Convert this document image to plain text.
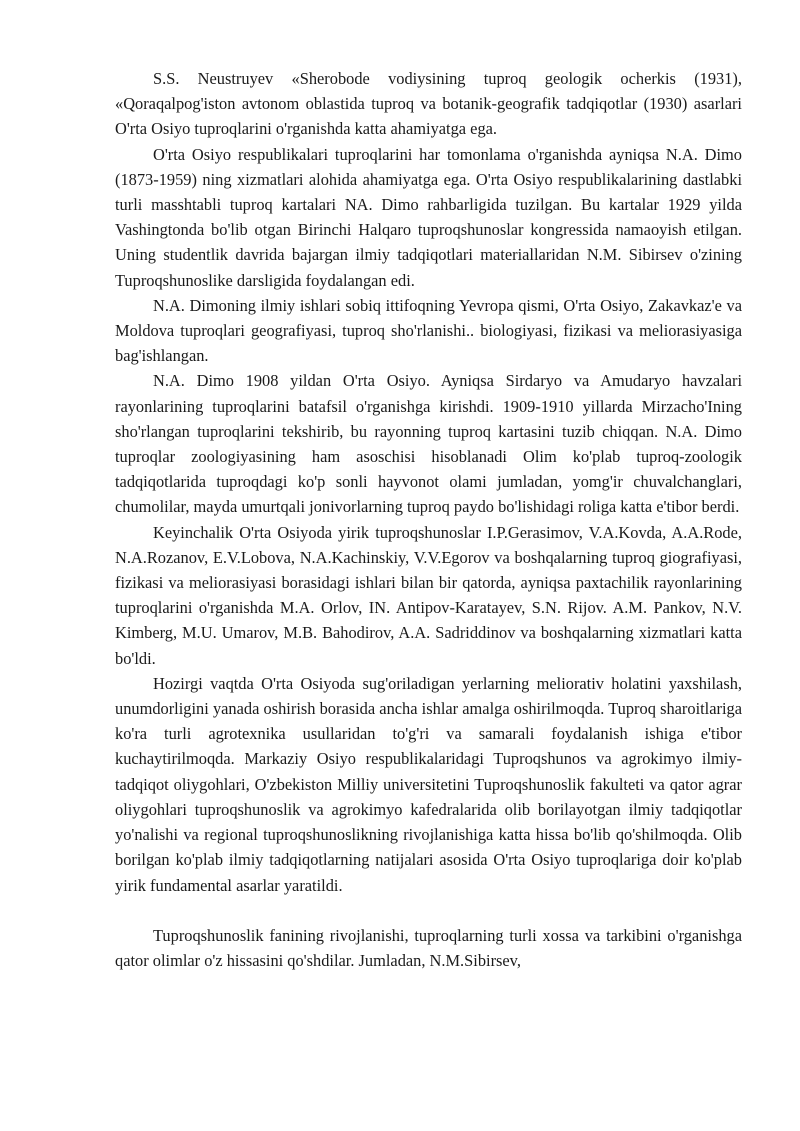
S.S. Neustruyev «Sherobode vodiysining tuproq geologik ocherkis (1931), «Qoraqalpog'iston avtonom oblastida tuproq va botanik-geografik tadqiqotlar (1930) asarlari O'rta Osiyo tuproqlarini o'rganishda katta ahamiyatga ega.

O'rta Osiyo respublikalari tuproqlarini har tomonlama o'rganishda ayniqsa N.A. Dimo (1873-1959) ning xizmatlari alohida ahamiyatga ega. O'rta Osiyo respublikalarining dastlabki turli masshtabli tuproq kartalari NA. Dimo rahbarligida tuzilgan. Bu kartalar 1929 yilda Vashingtonda bo'lib otgan Birinchi Halqaro tuproqshunoslar kongressida namaoyish etilgan. Uning studentlik davrida bajargan ilmiy tadqiqotlari materiallaridan N.M. Sibirsev o'zining Tuproqshunoslike darsligida foydalangan edi.

N.A. Dimoning ilmiy ishlari sobiq ittifoqning Yevropa qismi, O'rta Osiyo, Zakavkaz'e va Moldova tuproqlari geografiyasi, tuproq sho'rlanishi.. biologiyasi, fizikasi va meliorasiyasiga bag'ishlangan.

N.A. Dimo 1908 yildan O'rta Osiyo. Ayniqsa Sirdaryo va Amudaryo havzalari rayonlarining tuproqlarini batafsil o'rganishga kirishdi. 1909-1910 yillarda Mirzacho'Ining sho'rlangan tuproqlarini tekshirib, bu rayonning tuproq kartasini tuzib chiqqan. N.A. Dimo tuproqlar zoologiyasining ham asoschisi hisoblanadi Olim ko'plab tuproq-zoologik tadqiqotlarida tuproqdagi ko'p sonli hayvonot olami jumladan, yomg'ir chuvalchanglari, chumolilar, mayda umurtqali jonivorlarning tuproq paydo bo'lishidagi roliga katta e'tibor berdi.

Keyinchalik O'rta Osiyoda yirik tuproqshunoslar I.P.Gerasimov, V.A.Kovda, A.A.Rode, N.A.Rozanov, E.V.Lobova, N.A.Kachinskiy, V.V.Egorov va boshqalarning tuproq giografiyasi, fizikasi va meliorasiyasi borasidagi ishlari bilan bir qatorda, ayniqsa paxtachilik rayonlarining tuproqlarini o'rganishda M.A. Orlov, IN. Antipov-Karatayev, S.N. Rijov. A.M. Pankov, N.V. Kimberg, M.U. Umarov, M.B. Bahodirov, A.A. Sadriddinov va boshqalarning xizmatlari katta bo'ldi.

Hozirgi vaqtda O'rta Osiyoda sug'oriladigan yerlarning meliorativ holatini yaxshilash, unumdorligini yanada oshirish borasida ancha ishlar amalga oshirilmoqda. Tuproq sharoitlariga ko'ra turli agrotexnika usullaridan to'g'ri va samarali foydalanish ishiga e'tibor kuchaytirilmoqda. Markaziy Osiyo respublikalaridagi Tuproqshunos va agrokimyo ilmiy-tadqiqot oliygohlari, O'zbekiston Milliy universitetini Tuproqshunoslik fakulteti va qator agrar oliygohlari tuproqshunoslik va agrokimyo kafedralarida olib borilayotgan ilmiy tadqiqotlar yo'nalishi va regional tuproqshunoslikning rivojlanishiga katta hissa bo'lib qo'shilmoqda. Olib borilgan ko'plab ilmiy tadqiqotlarning natijalari asosida O'rta Osiyo tuproqlariga doir ko'plab yirik fundamental asarlar yaratildi.

Tuproqshunoslik fanining rivojlanishi, tuproqlarning turli xossa va tarkibini o'rganishga qator olimlar o'z hissasini qo'shdilar. Jumladan, N.M.Sibirsev,
